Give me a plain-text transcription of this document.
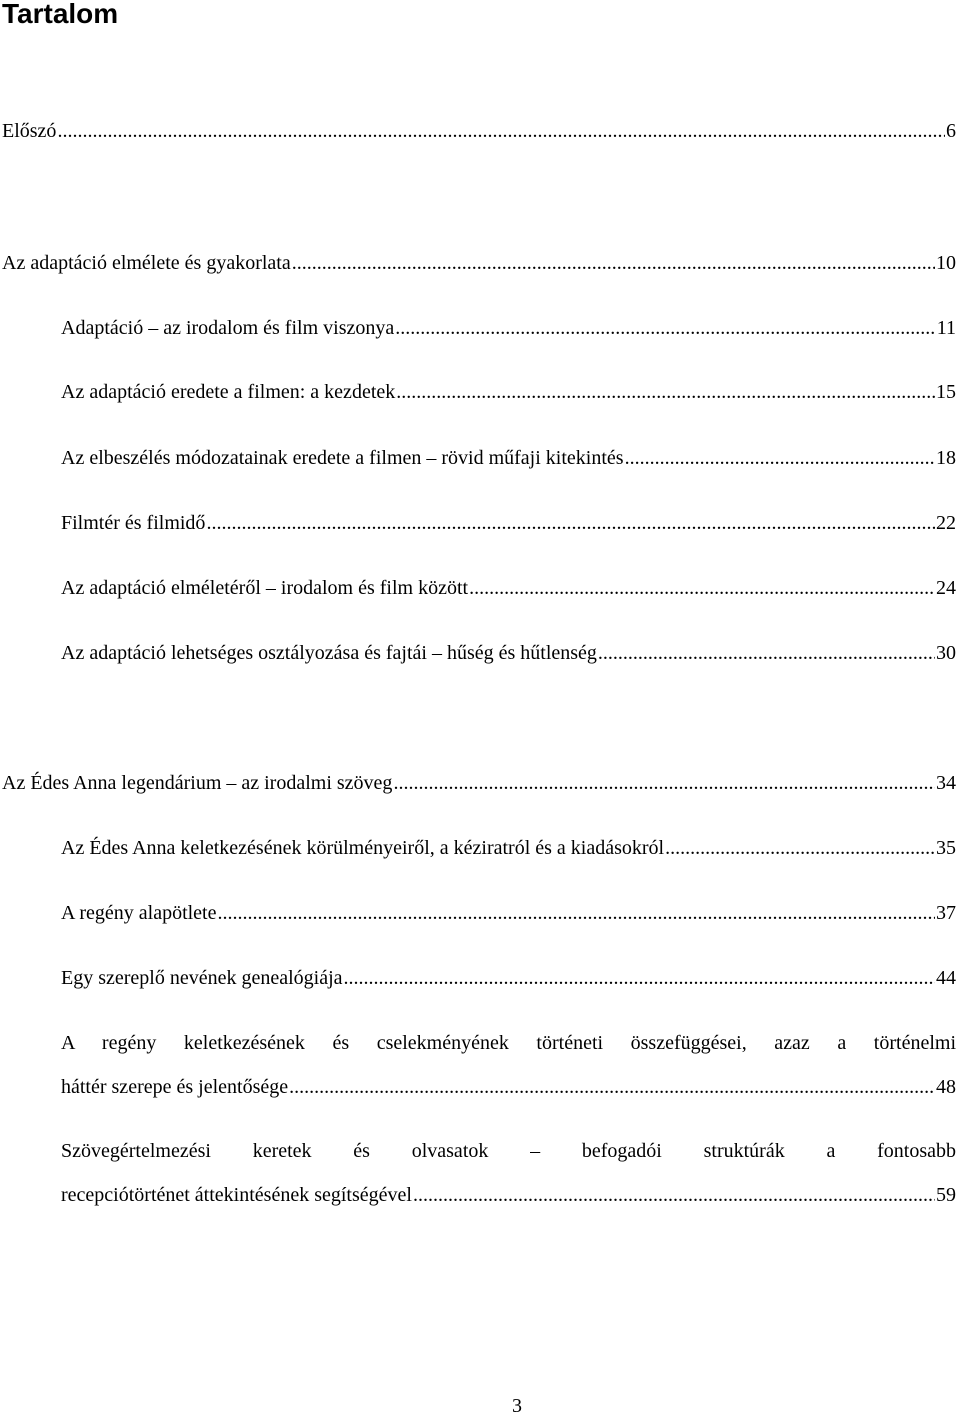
Tartalom
Előszó .....	6
Az adaptáció elmélete és gyakorlata .....	10
Adaptáció – az irodalom és film viszonya .....	11
Az adaptáció eredete a filmen: a kezdetek .....	15
Az elbeszélés módozatainak eredete a filmen – rövid műfaji kitekintés .....	18
Filmtér és filmidő .....	22
Az adaptáció elméletéről – irodalom és film között .....	24
Az adaptáció lehetséges osztályozása és fajtái – hűség és hűtlenség .....	30
Az Édes Anna legendárium – az irodalmi szöveg .....	34
Az Édes Anna keletkezésének körülményeiről, a kéziratról és a kiadásokról .....	35
A regény alapötlete .....	37
Egy szereplő nevének genealógiája .....	44
A regény keletkezésének és cselekményének történeti összefüggései, azaz a történelmi
háttér szerepe és jelentősége .....	48
Szövegértelmezési keretek és olvasatok – befogadói struktúrák a fontosabb
recepciótörténet áttekintésének segítségével .....	59
3
